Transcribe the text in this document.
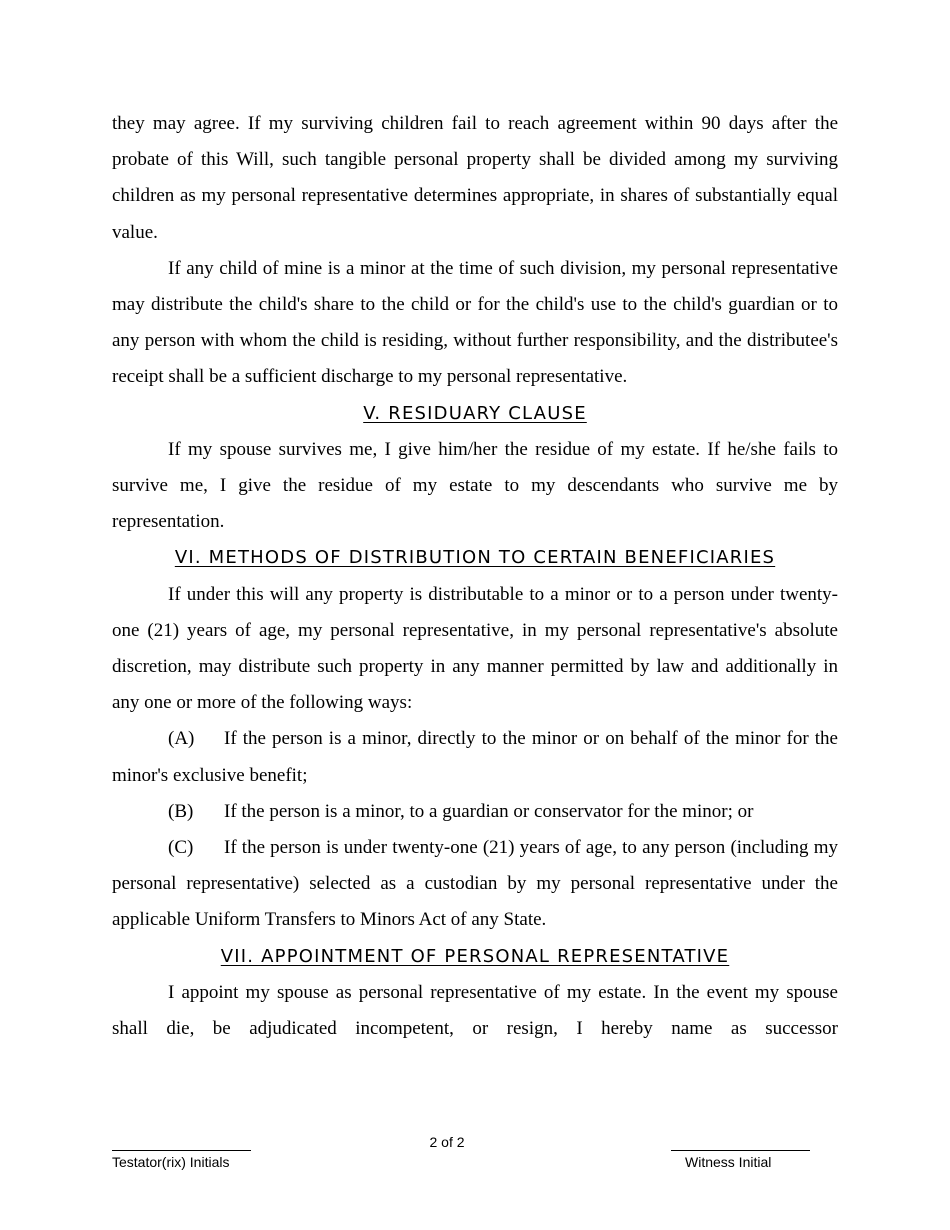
they may agree. If my surviving children fail to reach agreement within 90 days after the probate of this Will, such tangible personal property shall be divided among my surviving children as my personal representative determines appropriate, in shares of substantially equal value.

If any child of mine is a minor at the time of such division, my personal representative may distribute the child's share to the child or for the child's use to the child's guardian or to any person with whom the child is residing, without further responsibility, and the distributee's receipt shall be a sufficient discharge to my personal representative.

V. RESIDUARY CLAUSE

If my spouse survives me, I give him/her the residue of my estate. If he/she fails to survive me, I give the residue of my estate to my descendants who survive me by representation.

VI. METHODS OF DISTRIBUTION TO CERTAIN BENEFICIARIES

If under this will any property is distributable to a minor or to a person under twenty-one (21) years of age, my personal representative, in my personal representative's absolute discretion, may distribute such property in any manner permitted by law and additionally in any one or more of the following ways:

(A) If the person is a minor, directly to the minor or on behalf of the minor for the minor's exclusive benefit;

(B) If the person is a minor, to a guardian or conservator for the minor; or

(C) If the person is under twenty-one (21) years of age, to any person (including my personal representative) selected as a custodian by my personal representative under the applicable Uniform Transfers to Minors Act of any State.

VII. APPOINTMENT OF PERSONAL REPRESENTATIVE

I appoint my spouse as personal representative of my estate. In the event my spouse shall die, be adjudicated incompetent, or resign, I hereby name as successor

Testator(rix) Initials
2 of 2
Witness Initial
